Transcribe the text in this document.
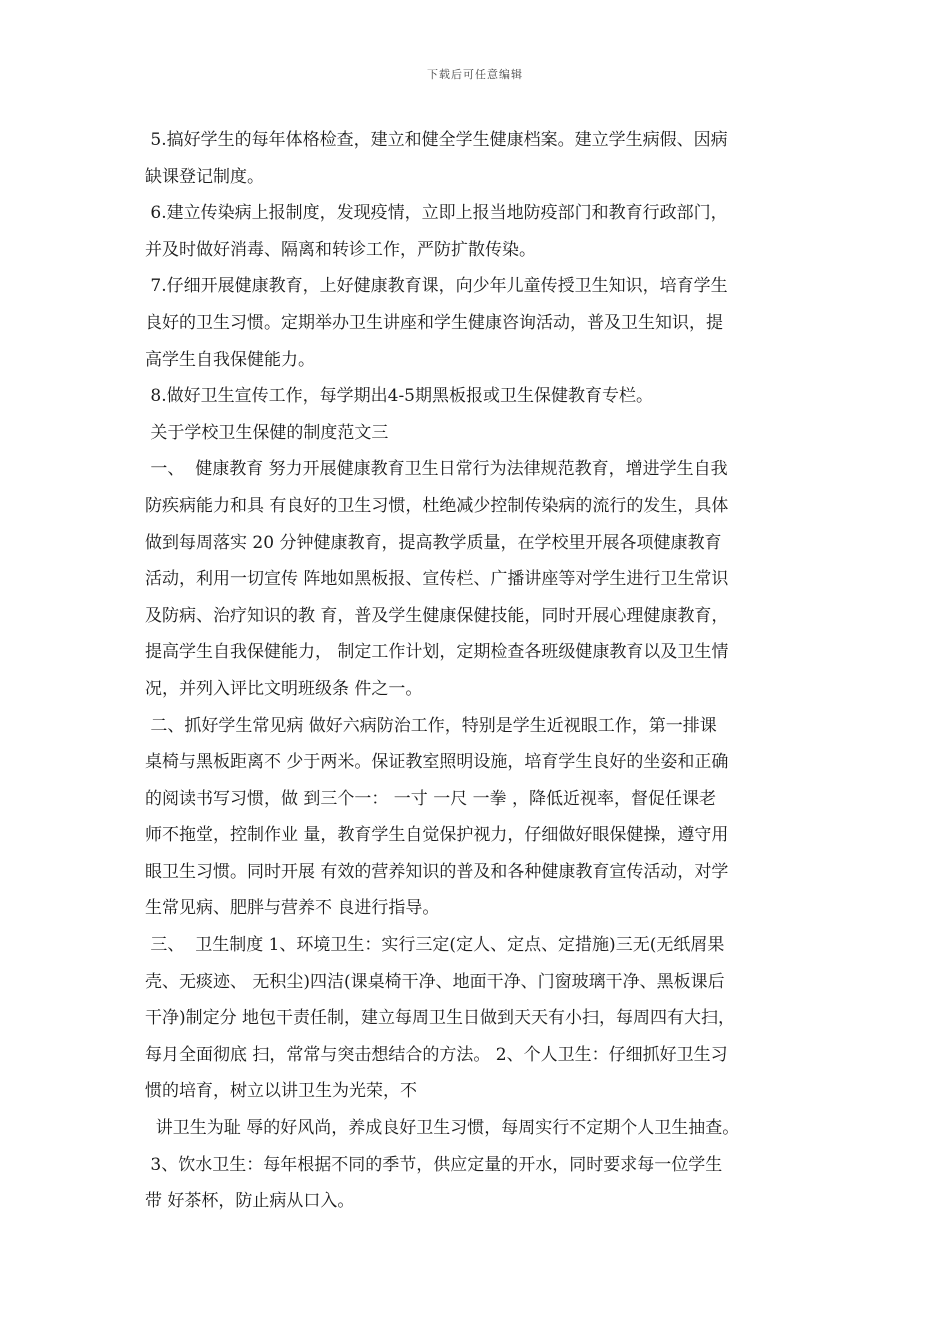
下载后可任意编辑
5.搞好学生的每年体格检查，建立和健全学生健康档案。建立学生病假、因病
缺课登记制度。
6.建立传染病上报制度，发现疫情，立即上报当地防疫部门和教育行政部门，
并及时做好消毒、隔离和转诊工作，严防扩散传染。
7.仔细开展健康教育，上好健康教育课，向少年儿童传授卫生知识，培育学生
良好的卫生习惯。定期举办卫生讲座和学生健康咨询活动，普及卫生知识，提
高学生自我保健能力。
8.做好卫生宣传工作，每学期出4-5期黑板报或卫生保健教育专栏。
关于学校卫生保健的制度范文三
一、  健康教育 努力开展健康教育卫生日常行为法律规范教育，增进学生自我
防疾病能力和具 有良好的卫生习惯，杜绝减少控制传染病的流行的发生，具体
做到每周落实 20 分钟健康教育，提高教学质量，在学校里开展各项健康教育
活动，利用一切宣传 阵地如黑板报、宣传栏、广播讲座等对学生进行卫生常识
及防病、治疗知识的教 育，普及学生健康保健技能，同时开展心理健康教育，
提高学生自我保健能力， 制定工作计划，定期检查各班级健康教育以及卫生情
况，并列入评比文明班级条 件之一。
二、抓好学生常见病 做好六病防治工作，特别是学生近视眼工作，第一排课
桌椅与黑板距离不 少于两米。保证教室照明设施，培育学生良好的坐姿和正确
的阅读书写习惯，做 到三个一： 一寸 一尺 一拳 ，降低近视率，督促任课老
师不拖堂，控制作业 量，教育学生自觉保护视力，仔细做好眼保健操，遵守用
眼卫生习惯。同时开展 有效的营养知识的普及和各种健康教育宣传活动，对学
生常见病、肥胖与营养不 良进行指导。
三、  卫生制度 1、环境卫生：实行三定(定人、定点、定措施)三无(无纸屑果
壳、无痰迹、 无积尘)四洁(课桌椅干净、地面干净、门窗玻璃干净、黑板课后
干净)制定分 地包干责任制，建立每周卫生日做到天天有小扫，每周四有大扫，
每月全面彻底 扫，常常与突击想结合的方法。 2、个人卫生：仔细抓好卫生习
惯的培育，树立以讲卫生为光荣，不
讲卫生为耻 辱的好风尚，养成良好卫生习惯，每周实行不定期个人卫生抽查。
3、饮水卫生：每年根据不同的季节，供应定量的开水，同时要求每一位学生
带 好茶杯，防止病从口入。
